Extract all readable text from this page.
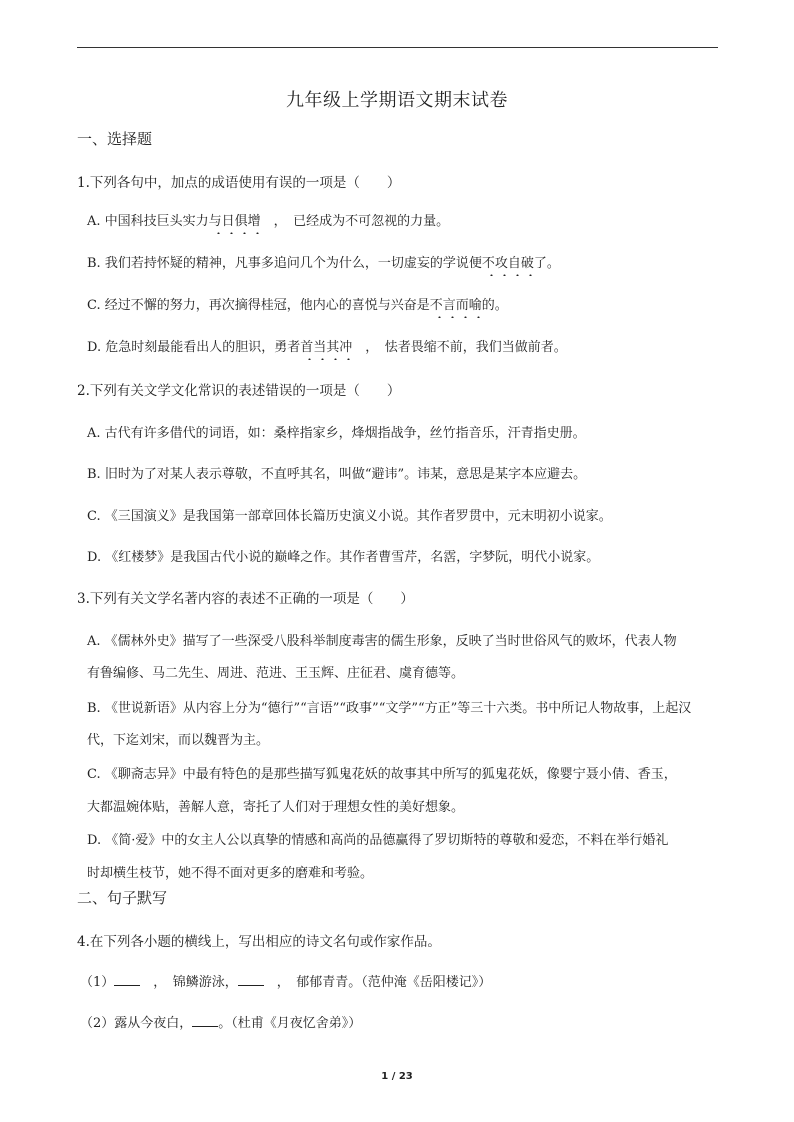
九年级上学期语文期末试卷
一、选择题
1.下列各句中，加点的成语使用有误的一项是（　　）
A. 中国科技巨头实力与日俱增　，　已经成为不可忽视的力量。
B. 我们若持怀疑的精神，凡事多追问几个为什么，一切虚妄的学说便不攻自破了。
C. 经过不懈的努力，再次摘得桂冠，他内心的喜悦与兴奋是不言而喻的。
D. 危急时刻最能看出人的胆识，勇者首当其冲　，　怯者畏缩不前，我们当做前者。
2.下列有关文学文化常识的表述错误的一项是（　　）
A. 古代有许多借代的词语，如：桑梓指家乡，烽烟指战争，丝竹指音乐，汗青指史册。
B. 旧时为了对某人表示尊敬，不直呼其名，叫做“避讳”。讳某，意思是某字本应避去。
C. 《三国演义》是我国第一部章回体长篇历史演义小说。其作者罗贯中，元末明初小说家。
D. 《红楼梦》是我国古代小说的巅峰之作。其作者曹雪芹，名霑，字梦阮，明代小说家。
3.下列有关文学名著内容的表述不正确的一项是（　　）
A. 《儒林外史》描写了一些深受八股科举制度毒害的儒生形象，反映了当时世俗风气的败坏，代表人物
有鲁编修、马二先生、周进、范进、王玉辉、庄征君、虞育德等。
B. 《世说新语》从内容上分为“德行”“言语”“政事”“文学”“方正”等三十六类。书中所记人物故事，上起汉
代，下迄刘宋，而以魏晋为主。
C. 《聊斋志异》中最有特色的是那些描写狐鬼花妖的故事其中所写的狐鬼花妖，像婴宁聂小倩、香玉，
大都温婉体贴，善解人意，寄托了人们对于理想女性的美好想象。
D. 《简·爱》中的女主人公以真挚的情感和高尚的品德赢得了罗切斯特的尊敬和爱恋，不料在举行婚礼
时却横生枝节，她不得不面对更多的磨难和考验。
二、句子默写
4.在下列各小题的横线上，写出相应的诗文名句或作家作品。
（1）　，　锦鳞游泳，　，　郁郁青青。（范仲淹《岳阳楼记》）
（2）露从今夜白， 。（杜甫《月夜忆舍弟》）
1 / 23
